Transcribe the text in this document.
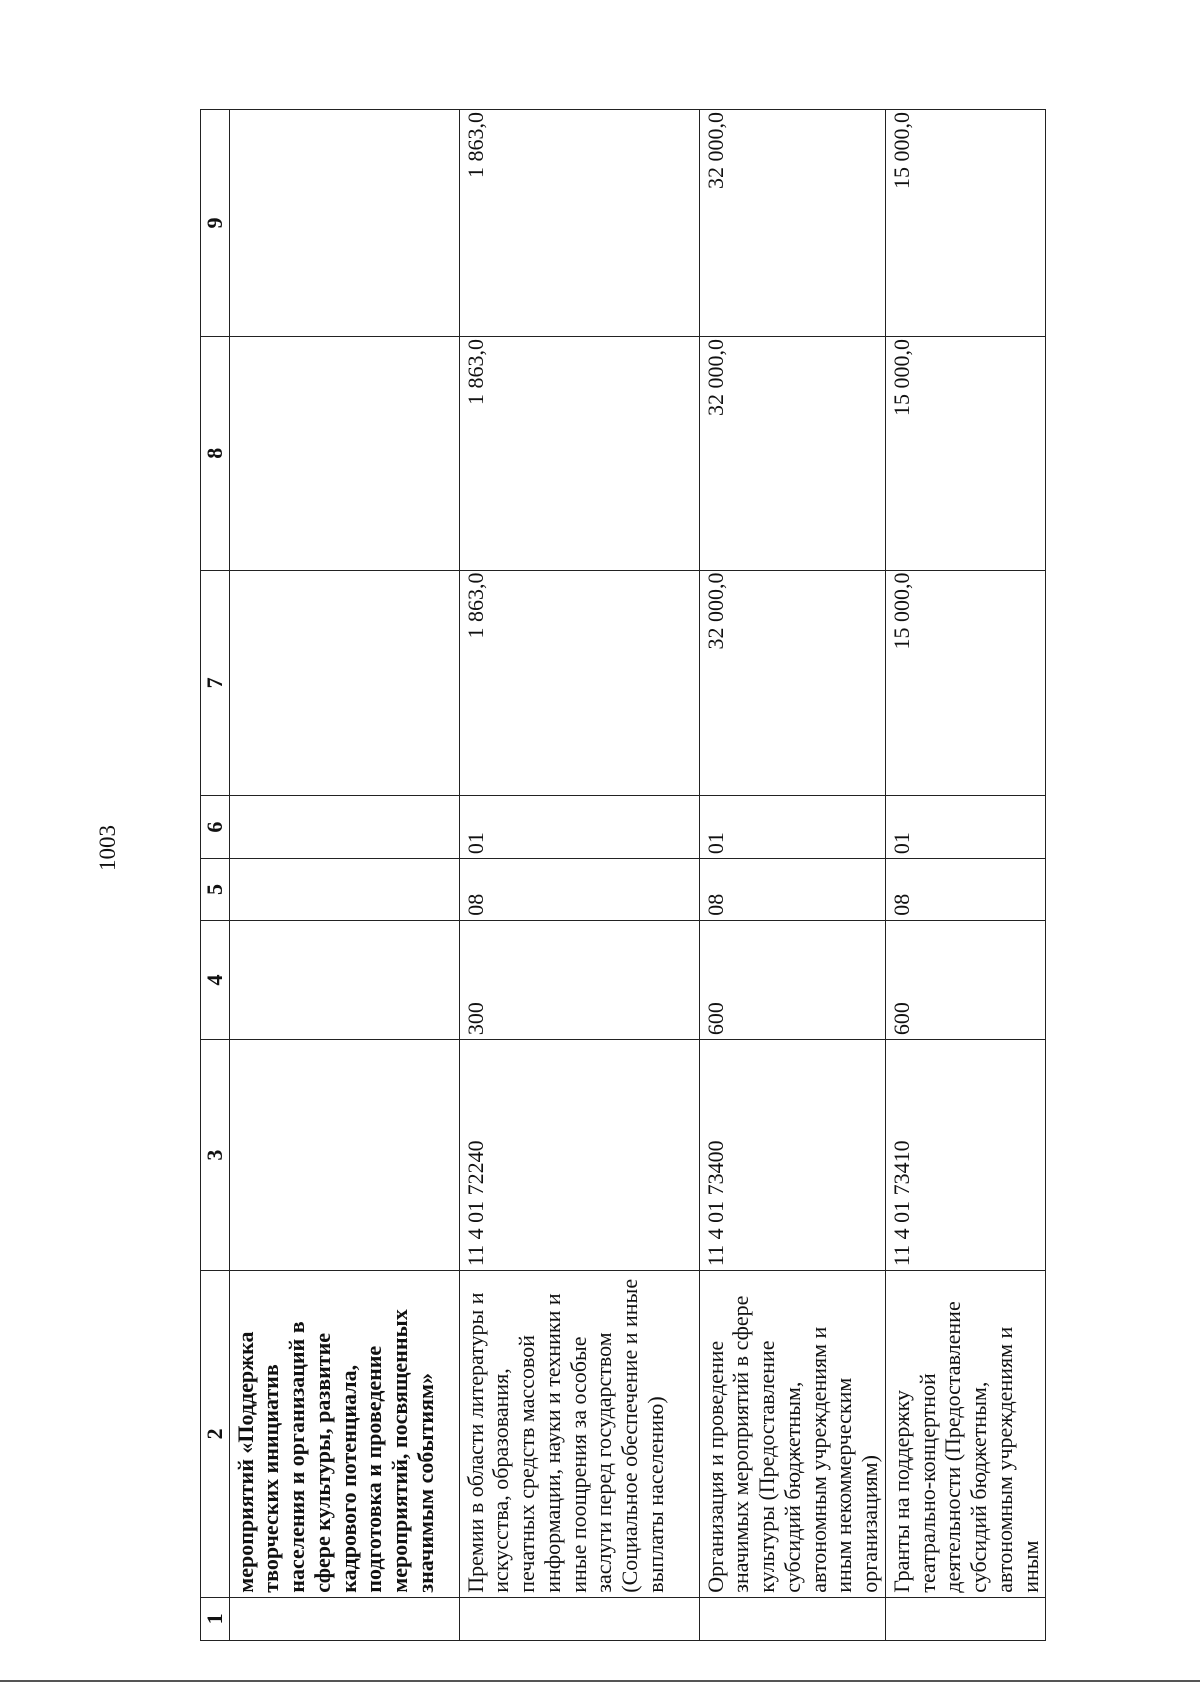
1003
1	2	3	4	5	6	7	8	9
	мероприятий «Поддержка творческих инициатив населения и организаций в сфере культуры, развитие кадрового потенциала, подготовка и проведение мероприятий, посвященных значимым событиям»							
	Премии в области литературы и искусства, образования, печатных средств массовой информации, науки и техники и иные поощрения за особые заслуги перед государством (Социальное обеспечение и иные выплаты населению)	11 4 01 72240	300	08	01	1 863,0	1 863,0	1 863,0
	Организация и проведение значимых мероприятий в сфере культуры (Предоставление субсидий бюджетным, автономным учреждениям и иным некоммерческим организациям)	11 4 01 73400	600	08	01	32 000,0	32 000,0	32 000,0
	Гранты на поддержку театрально-концертной деятельности (Предоставление субсидий бюджетным, автономным учреждениям и иным	11 4 01 73410	600	08	01	15 000,0	15 000,0	15 000,0
